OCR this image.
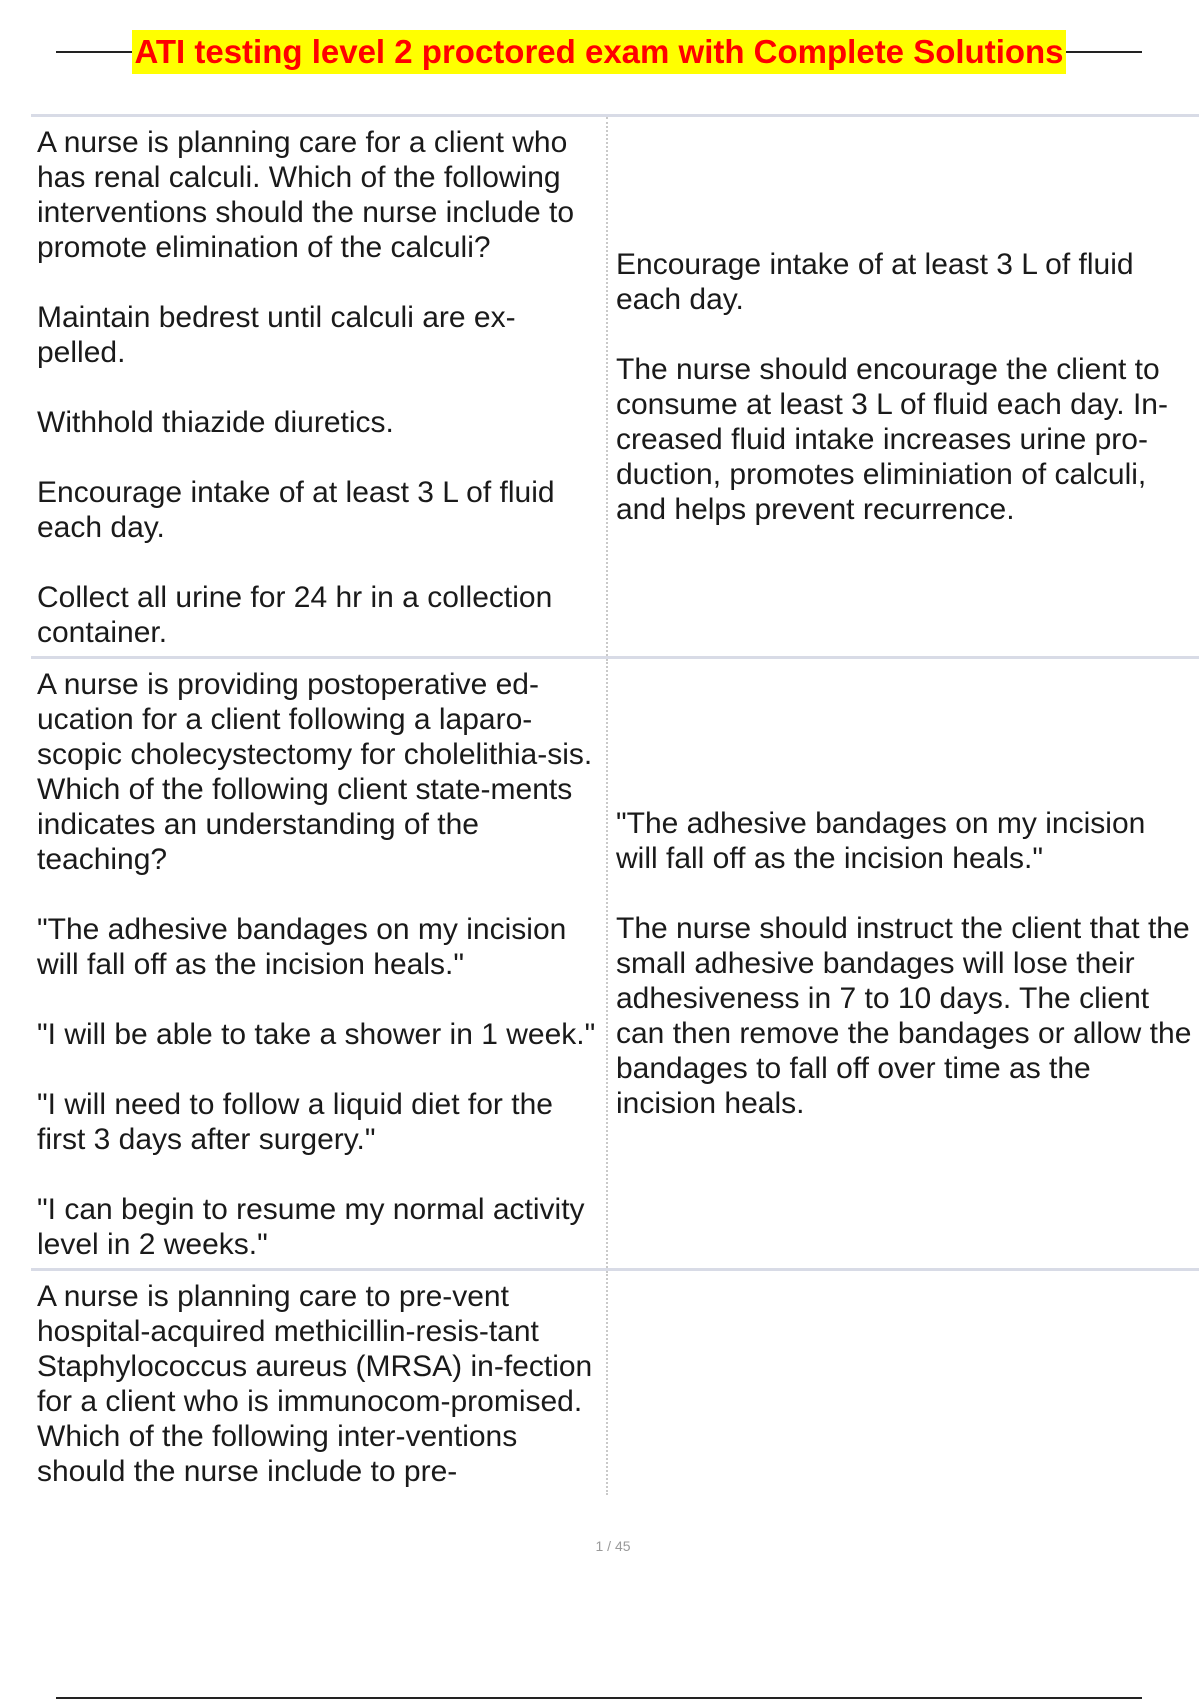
ATI testing level 2 proctored exam with Complete Solutions
A nurse is planning care for a client who has renal calculi. Which of the following interventions should the nurse include to promote elimination of the calculi?
Maintain bedrest until calculi are ex-pelled.
Withhold thiazide diuretics.
Encourage intake of at least 3 L of fluid each day.
Collect all urine for 24 hr in a collection container.
Encourage intake of at least 3 L of fluid each day.
The nurse should encourage the client to consume at least 3 L of fluid each day. In-creased fluid intake increases urine pro-duction, promotes eliminiation of calculi, and helps prevent recurrence.
A nurse is providing postoperative ed-ucation for a client following a laparo-scopic cholecystectomy for cholelithia-sis. Which of the following client state-ments indicates an understanding of the teaching?
"The adhesive bandages on my incision will fall off as the incision heals."
"I will be able to take a shower in 1 week."
"I will need to follow a liquid diet for the first 3 days after surgery."
"I can begin to resume my normal activity level in 2 weeks."
"The adhesive bandages on my incision will fall off as the incision heals."
The nurse should instruct the client that the small adhesive bandages will lose their adhesiveness in 7 to 10 days. The client can then remove the bandages or allow the bandages to fall off over time as the incision heals.
A nurse is planning care to pre-vent hospital-acquired methicillin-resis-tant Staphylococcus aureus (MRSA) in-fection for a client who is immunocom-promised. Which of the following inter-ventions should the nurse include to pre-
1 / 45
